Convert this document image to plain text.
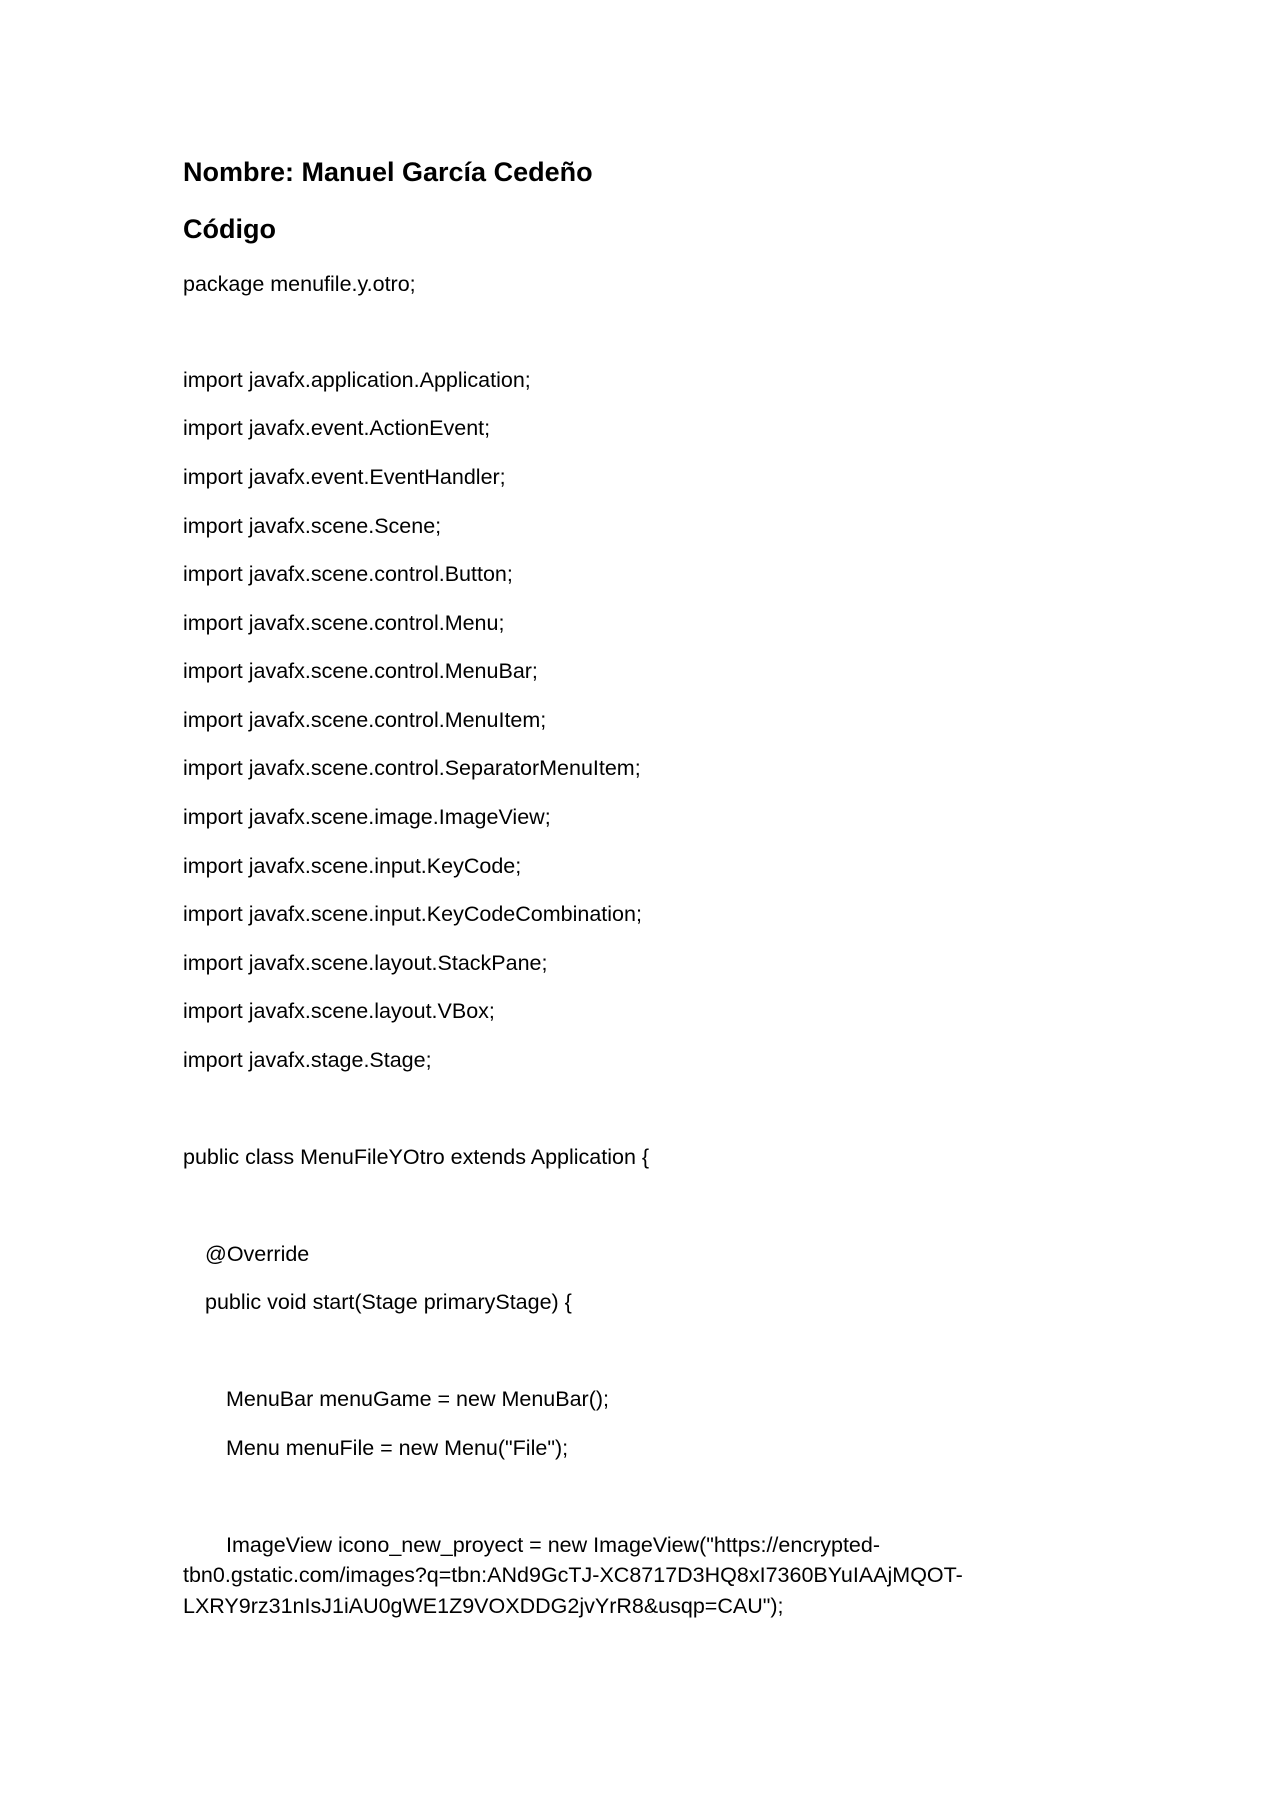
Nombre: Manuel García Cedeño
Código
package menufile.y.otro;
import javafx.application.Application;
import javafx.event.ActionEvent;
import javafx.event.EventHandler;
import javafx.scene.Scene;
import javafx.scene.control.Button;
import javafx.scene.control.Menu;
import javafx.scene.control.MenuBar;
import javafx.scene.control.MenuItem;
import javafx.scene.control.SeparatorMenuItem;
import javafx.scene.image.ImageView;
import javafx.scene.input.KeyCode;
import javafx.scene.input.KeyCodeCombination;
import javafx.scene.layout.StackPane;
import javafx.scene.layout.VBox;
import javafx.stage.Stage;
public class MenuFileYOtro extends Application {
@Override
public void start(Stage primaryStage) {
MenuBar menuGame = new MenuBar();
Menu menuFile = new Menu("File");
ImageView icono_new_proyect = new ImageView("https://encrypted-
tbn0.gstatic.com/images?q=tbn:ANd9GcTJ-XC8717D3HQ8xI7360BYuIAAjMQOT-
LXRY9rz31nIsJ1iAU0gWE1Z9VOXDDG2jvYrR8&usqp=CAU");
